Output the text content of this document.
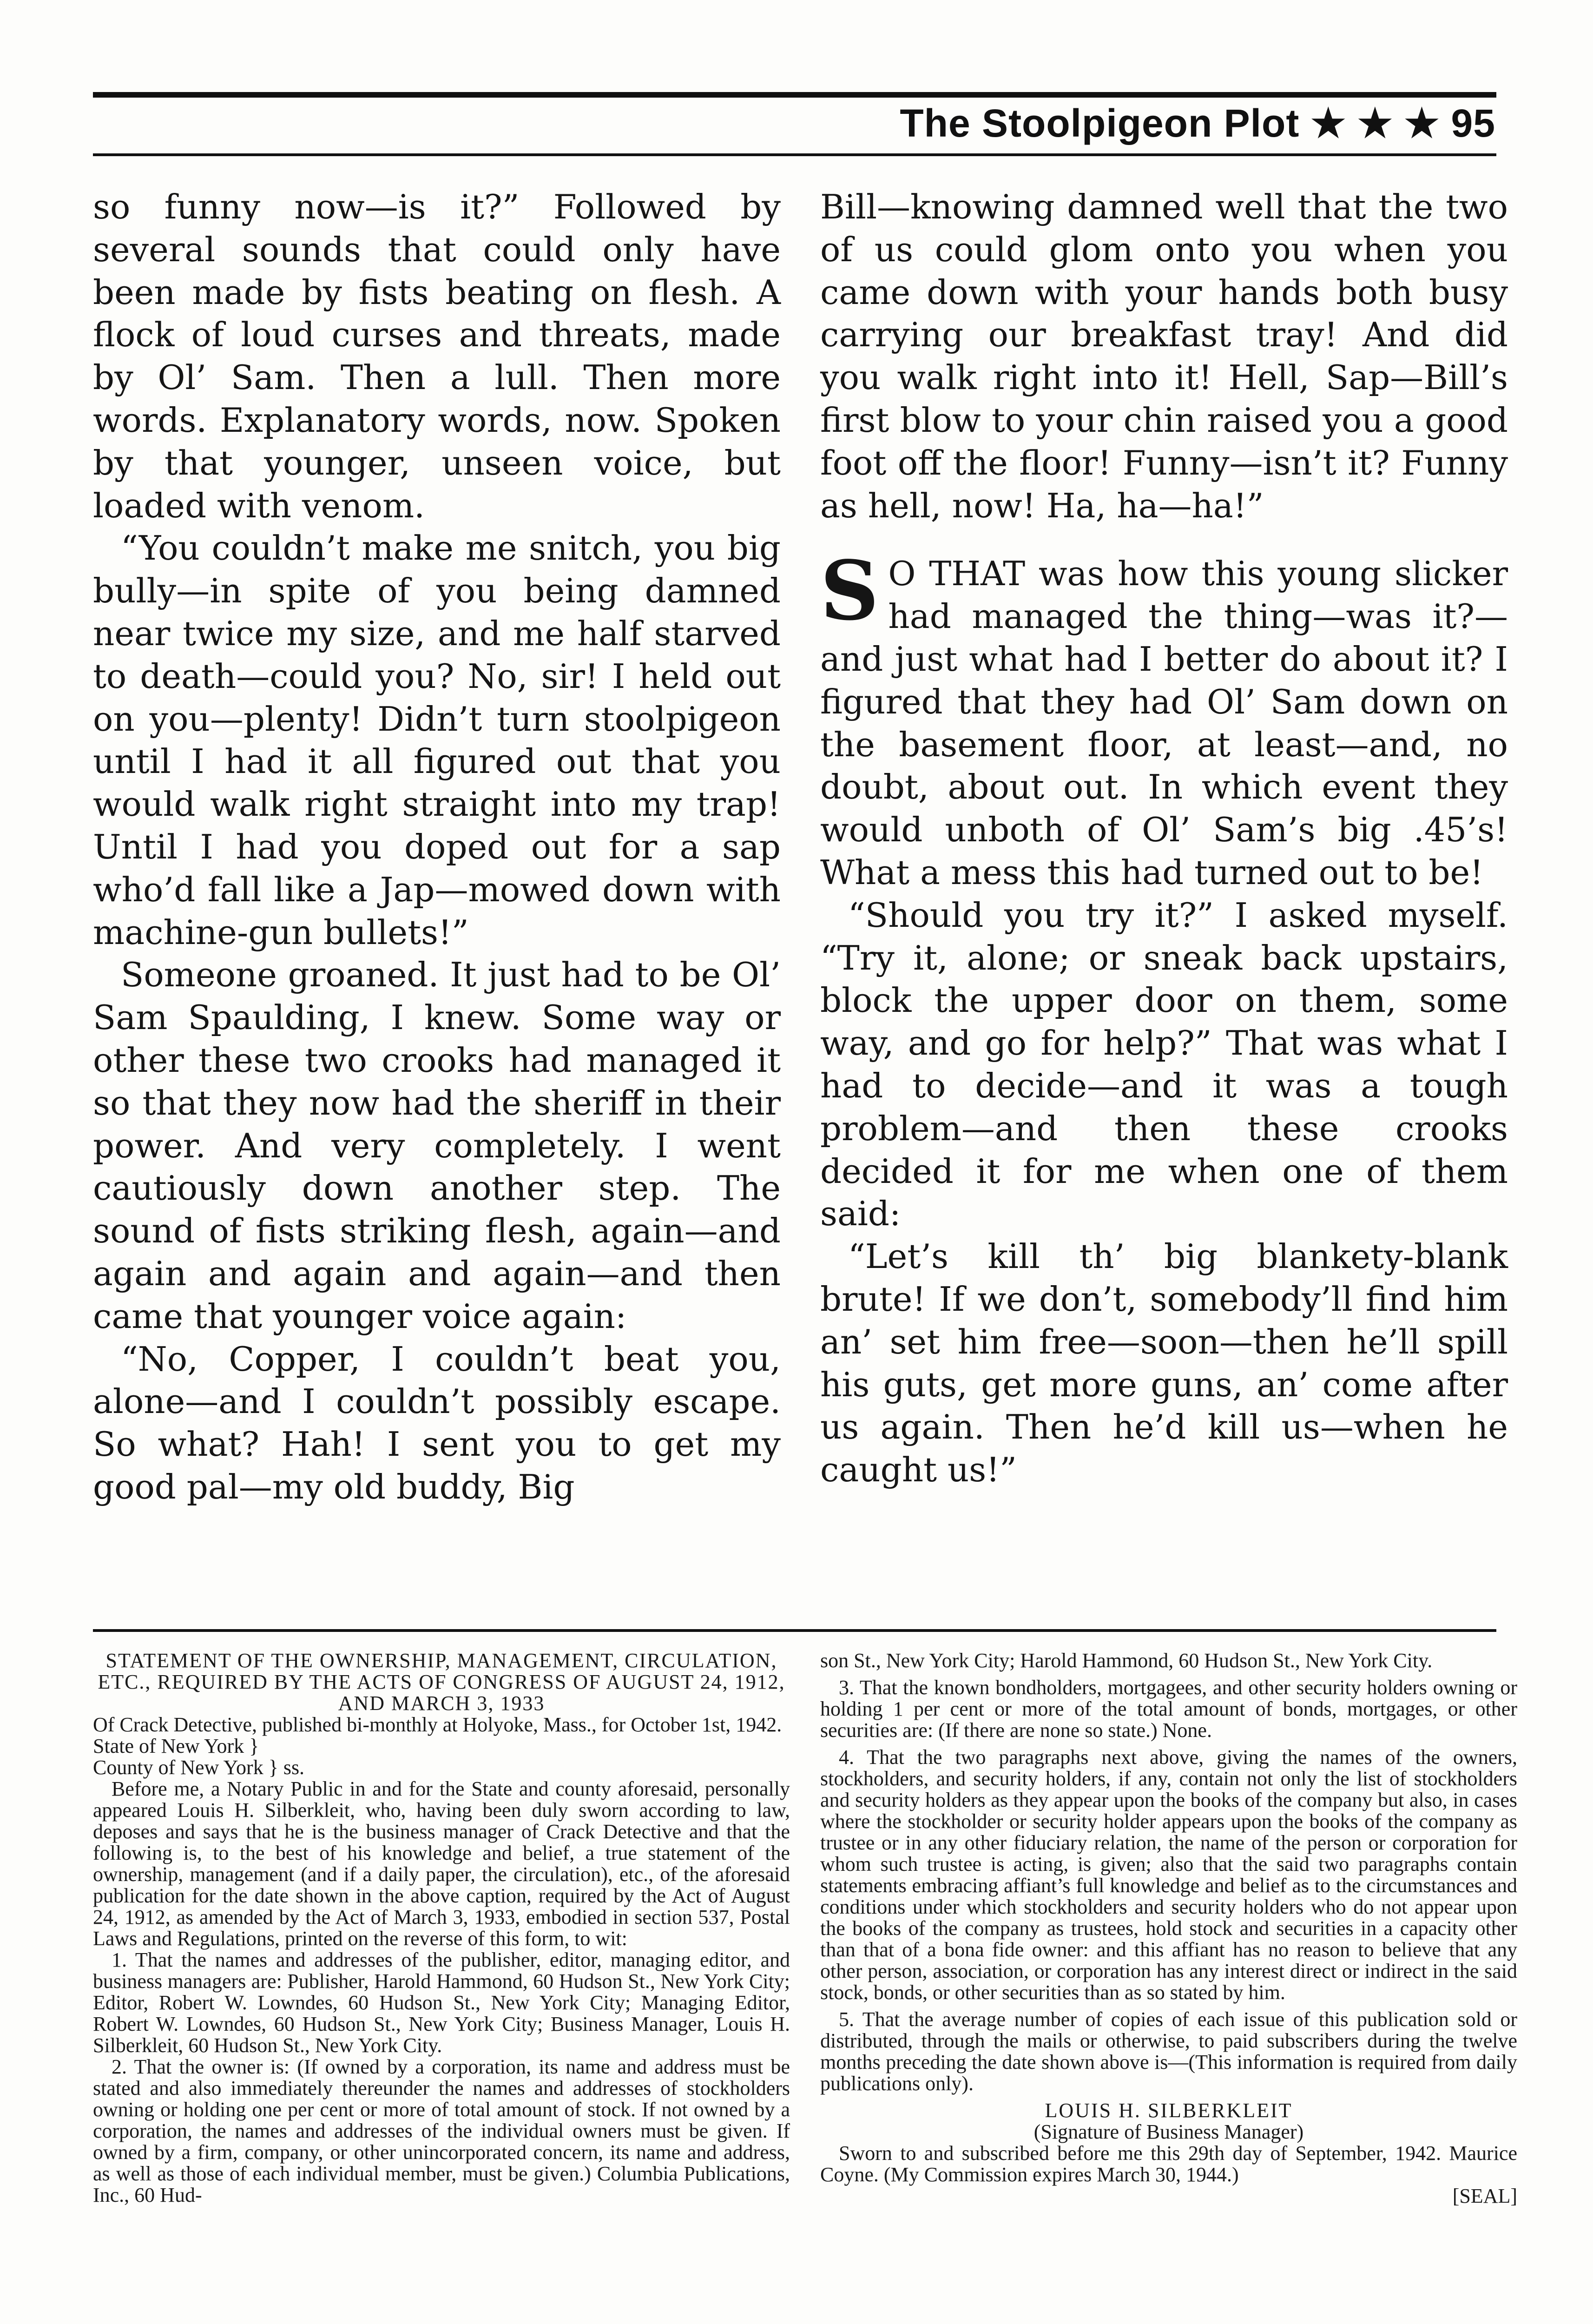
The Stoolpigeon Plot ★ ★ ★ 95

so funny now—is it?” Followed by several sounds that could only have been made by fists beating on flesh. A flock of loud curses and threats, made by Ol’ Sam. Then a lull. Then more words. Explanatory words, now. Spoken by that younger, unseen voice, but loaded with venom.

“You couldn’t make me snitch, you big bully—in spite of you being damned near twice my size, and me half starved to death—could you? No, sir! I held out on you—plenty! Didn’t turn stoolpigeon until I had it all figured out that you would walk right straight into my trap! Until I had you doped out for a sap who’d fall like a Jap—mowed down with machine-gun bullets!”

Someone groaned. It just had to be Ol’ Sam Spaulding, I knew. Some way or other these two crooks had managed it so that they now had the sheriff in their power. And very completely. I went cautiously down another step. The sound of fists striking flesh, again—and again and again and again—and then came that younger voice again:

“No, Copper, I couldn’t beat you, alone—and I couldn’t possibly escape. So what? Hah! I sent you to get my good pal—my old buddy, Big

Bill—knowing damned well that the two of us could glom onto you when you came down with your hands both busy carrying our breakfast tray! And did you walk right into it! Hell, Sap—Bill’s first blow to your chin raised you a good foot off the floor! Funny—isn’t it? Funny as hell, now! Ha, ha—ha!”

S O THAT was how this young slicker had managed the thing—was it?—and just what had I better do about it? I figured that they had Ol’ Sam down on the basement floor, at least—and, no doubt, about out. In which event they would unboth of Ol’ Sam’s big .45’s! What a mess this had turned out to be!

“Should you try it?” I asked myself. “Try it, alone; or sneak back upstairs, block the upper door on them, some way, and go for help?” That was what I had to decide—and it was a tough problem—and then these crooks decided it for me when one of them said:

“Let’s kill th’ big blankety-blank brute! If we don’t, somebody’ll find him an’ set him free—soon—then he’ll spill his guts, get more guns, an’ come after us again. Then he’d kill us—when he caught us!”

STATEMENT OF THE OWNERSHIP, MANAGEMENT, CIRCULATION, ETC., REQUIRED BY THE ACTS OF CONGRESS OF AUGUST 24, 1912, AND MARCH 3, 1933

Of Crack Detective, published bi-monthly at Holyoke, Mass., for October 1st, 1942.

State of New York }

County of New York } ss.

Before me, a Notary Public in and for the State and county aforesaid, personally appeared Louis H. Silberkleit, who, having been duly sworn according to law, deposes and says that he is the business manager of Crack Detective and that the following is, to the best of his knowledge and belief, a true statement of the ownership, management (and if a daily paper, the circulation), etc., of the aforesaid publication for the date shown in the above caption, required by the Act of August 24, 1912, as amended by the Act of March 3, 1933, embodied in section 537, Postal Laws and Regulations, printed on the reverse of this form, to wit:

1. That the names and addresses of the publisher, editor, managing editor, and business managers are: Publisher, Harold Hammond, 60 Hudson St., New York City; Editor, Robert W. Lowndes, 60 Hudson St., New York City; Managing Editor, Robert W. Lowndes, 60 Hudson St., New York City; Business Manager, Louis H. Silberkleit, 60 Hudson St., New York City.

2. That the owner is: (If owned by a corporation, its name and address must be stated and also immediately thereunder the names and addresses of stockholders owning or holding one per cent or more of total amount of stock. If not owned by a corporation, the names and addresses of the individual owners must be given. If owned by a firm, company, or other unincorporated concern, its name and address, as well as those of each individual member, must be given.) Columbia Publications, Inc., 60 Hud-

son St., New York City; Harold Hammond, 60 Hudson St., New York City.

3. That the known bondholders, mortgagees, and other security holders owning or holding 1 per cent or more of the total amount of bonds, mortgages, or other securities are: (If there are none so state.) None.

4. That the two paragraphs next above, giving the names of the owners, stockholders, and security holders, if any, contain not only the list of stockholders and security holders as they appear upon the books of the company but also, in cases where the stockholder or security holder appears upon the books of the company as trustee or in any other fiduciary relation, the name of the person or corporation for whom such trustee is acting, is given; also that the said two paragraphs contain statements embracing affiant’s full knowledge and belief as to the circumstances and conditions under which stockholders and security holders who do not appear upon the books of the company as trustees, hold stock and securities in a capacity other than that of a bona fide owner: and this affiant has no reason to believe that any other person, association, or corporation has any interest direct or indirect in the said stock, bonds, or other securities than as so stated by him.

5. That the average number of copies of each issue of this publication sold or distributed, through the mails or otherwise, to paid subscribers during the twelve months preceding the date shown above is—(This information is required from daily publications only).

LOUIS H. SILBERKLEIT

(Signature of Business Manager)

Sworn to and subscribed before me this 29th day of September, 1942. Maurice Coyne. (My Commission expires March 30, 1944.)

[SEAL]
